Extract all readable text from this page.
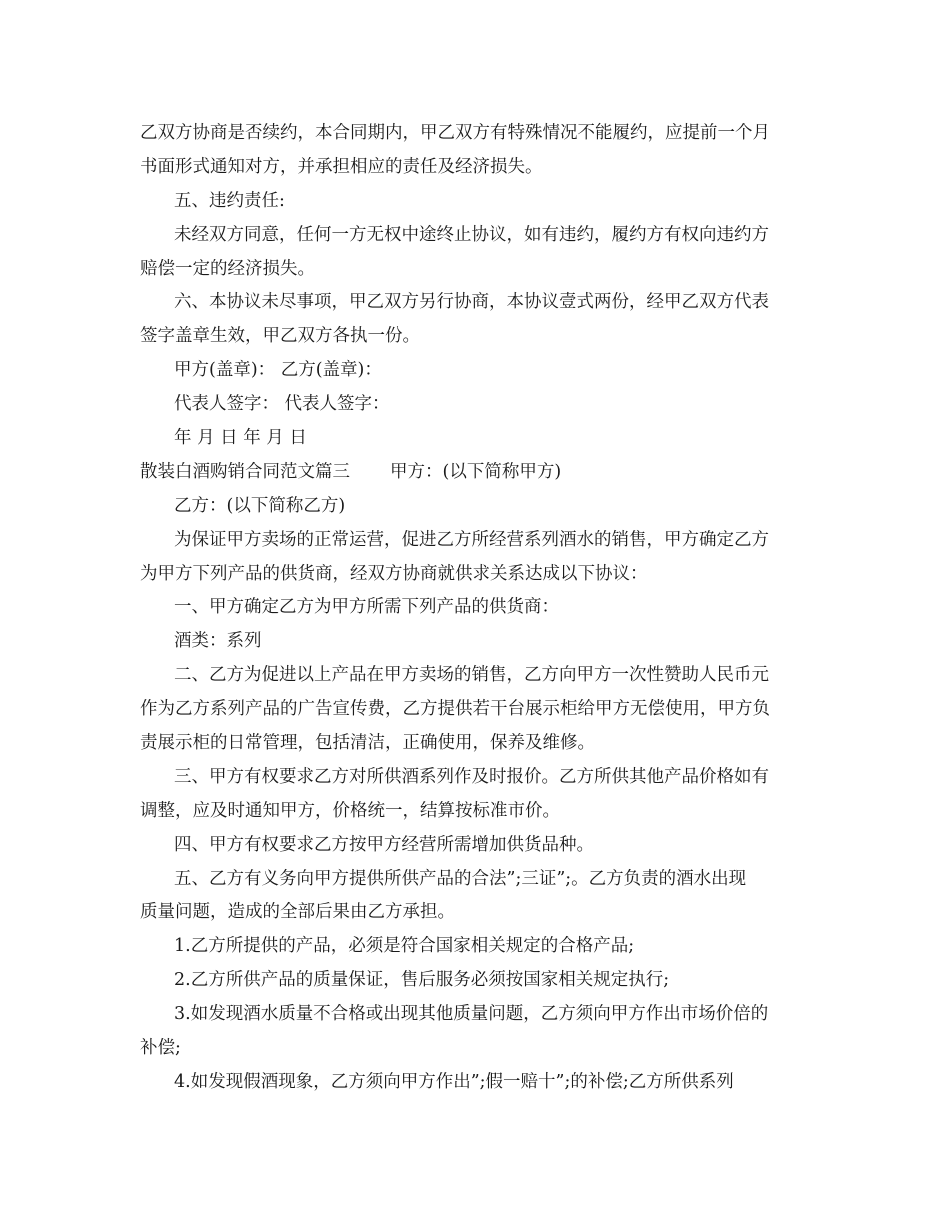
乙双方协商是否续约，本合同期内，甲乙双方有特殊情况不能履约，应提前一个月
书面形式通知对方，并承担相应的责任及经济损失。
五、违约责任:
未经双方同意，任何一方无权中途终止协议，如有违约，履约方有权向违约方
赔偿一定的经济损失。
六、本协议未尽事项，甲乙双方另行协商，本协议壹式两份，经甲乙双方代表
签字盖章生效，甲乙双方各执一份。
甲方(盖章)： 乙方(盖章)：
代表人签字： 代表人签字：
年 月 日 年 月 日
散装白酒购销合同范文篇三 甲方：(以下简称甲方)
乙方：(以下简称乙方)
为保证甲方卖场的正常运营，促进乙方所经营系列酒水的销售，甲方确定乙方
为甲方下列产品的供货商，经双方协商就供求关系达成以下协议：
一、甲方确定乙方为甲方所需下列产品的供货商：
酒类：系列
二、乙方为促进以上产品在甲方卖场的销售，乙方向甲方一次性赞助人民币元
作为乙方系列产品的广告宣传费，乙方提供若干台展示柜给甲方无偿使用，甲方负
责展示柜的日常管理，包括清洁，正确使用，保养及维修。
三、甲方有权要求乙方对所供酒系列作及时报价。乙方所供其他产品价格如有
调整，应及时通知甲方，价格统一，结算按标准市价。
四、甲方有权要求乙方按甲方经营所需增加供货品种。
五、乙方有义务向甲方提供所供产品的合法”;三证”;。乙方负责的酒水出现
质量问题，造成的全部后果由乙方承担。
1.乙方所提供的产品，必须是符合国家相关规定的合格产品;
2.乙方所供产品的质量保证，售后服务必须按国家相关规定执行;
3.如发现酒水质量不合格或出现其他质量问题，乙方须向甲方作出市场价倍的
补偿;
4.如发现假酒现象，乙方须向甲方作出”;假一赔十”;的补偿;乙方所供系列
